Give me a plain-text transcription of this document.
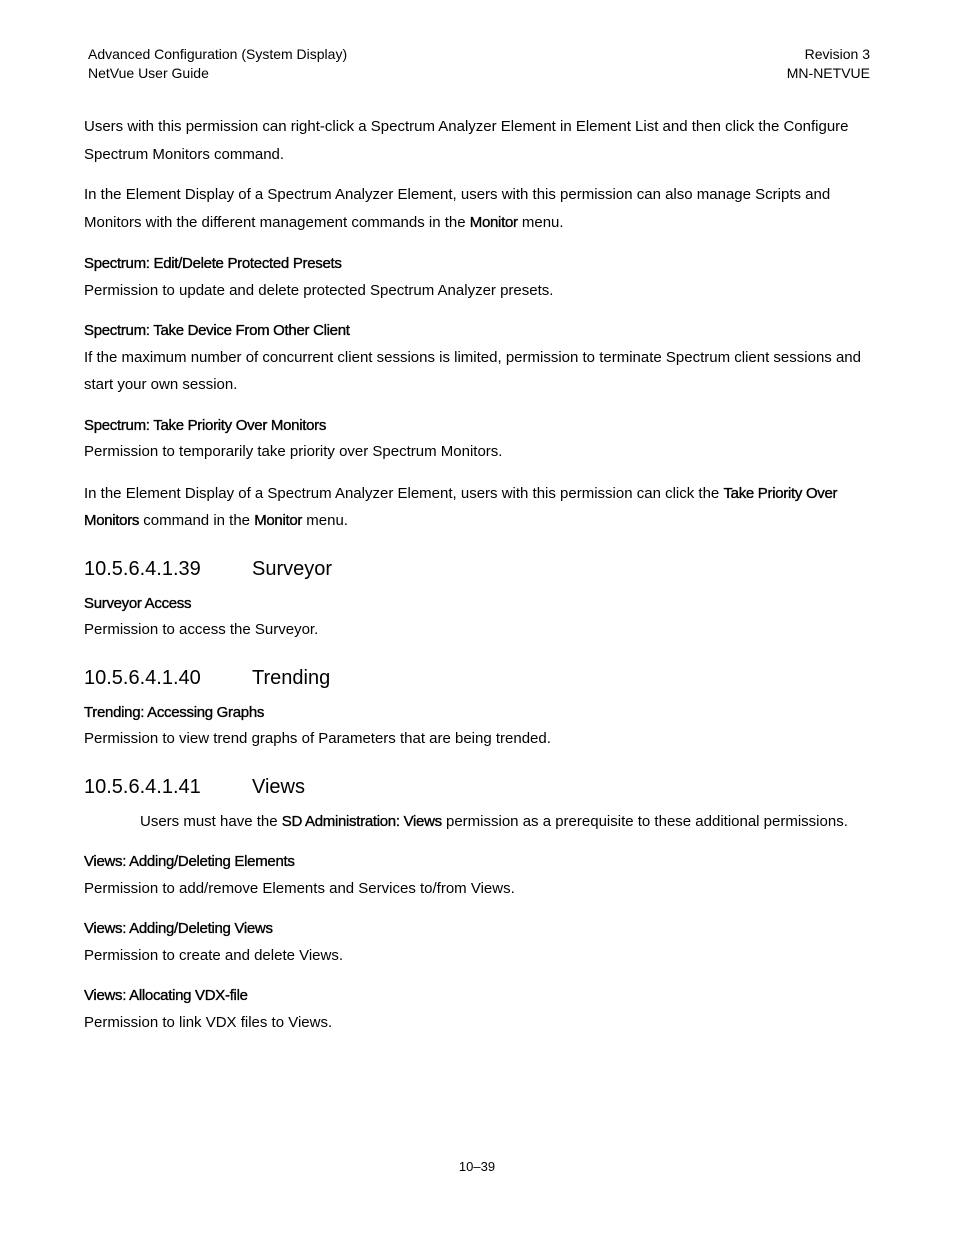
Advanced Configuration (System Display)
NetVue User Guide
Revision 3
MN-NETVUE

Users with this permission can right-click a Spectrum Analyzer Element in Element List and then click the Configure Spectrum Monitors command.

In the Element Display of a Spectrum Analyzer Element, users with this permission can also manage Scripts and Monitors with the different management commands in the Monitor menu.

Spectrum: Edit/Delete Protected Presets

Permission to update and delete protected Spectrum Analyzer presets.

Spectrum: Take Device From Other Client

If the maximum number of concurrent client sessions is limited, permission to terminate Spectrum client sessions and start your own session.

Spectrum: Take Priority Over Monitors

Permission to temporarily take priority over Spectrum Monitors.

In the Element Display of a Spectrum Analyzer Element, users with this permission can click the Take Priority Over Monitors command in the Monitor menu.

10.5.6.4.1.39	Surveyor
Surveyor Access

Permission to access the Surveyor.

10.5.6.4.1.40	Trending
Trending: Accessing Graphs

Permission to view trend graphs of Parameters that are being trended.

10.5.6.4.1.41	Views

Users must have the SD Administration: Views permission as a prerequisite to these additional permissions.

Views: Adding/Deleting Elements

Permission to add/remove Elements and Services to/from Views.

Views: Adding/Deleting Views

Permission to create and delete Views.

Views: Allocating VDX-file

Permission to link VDX files to Views.

10–39
